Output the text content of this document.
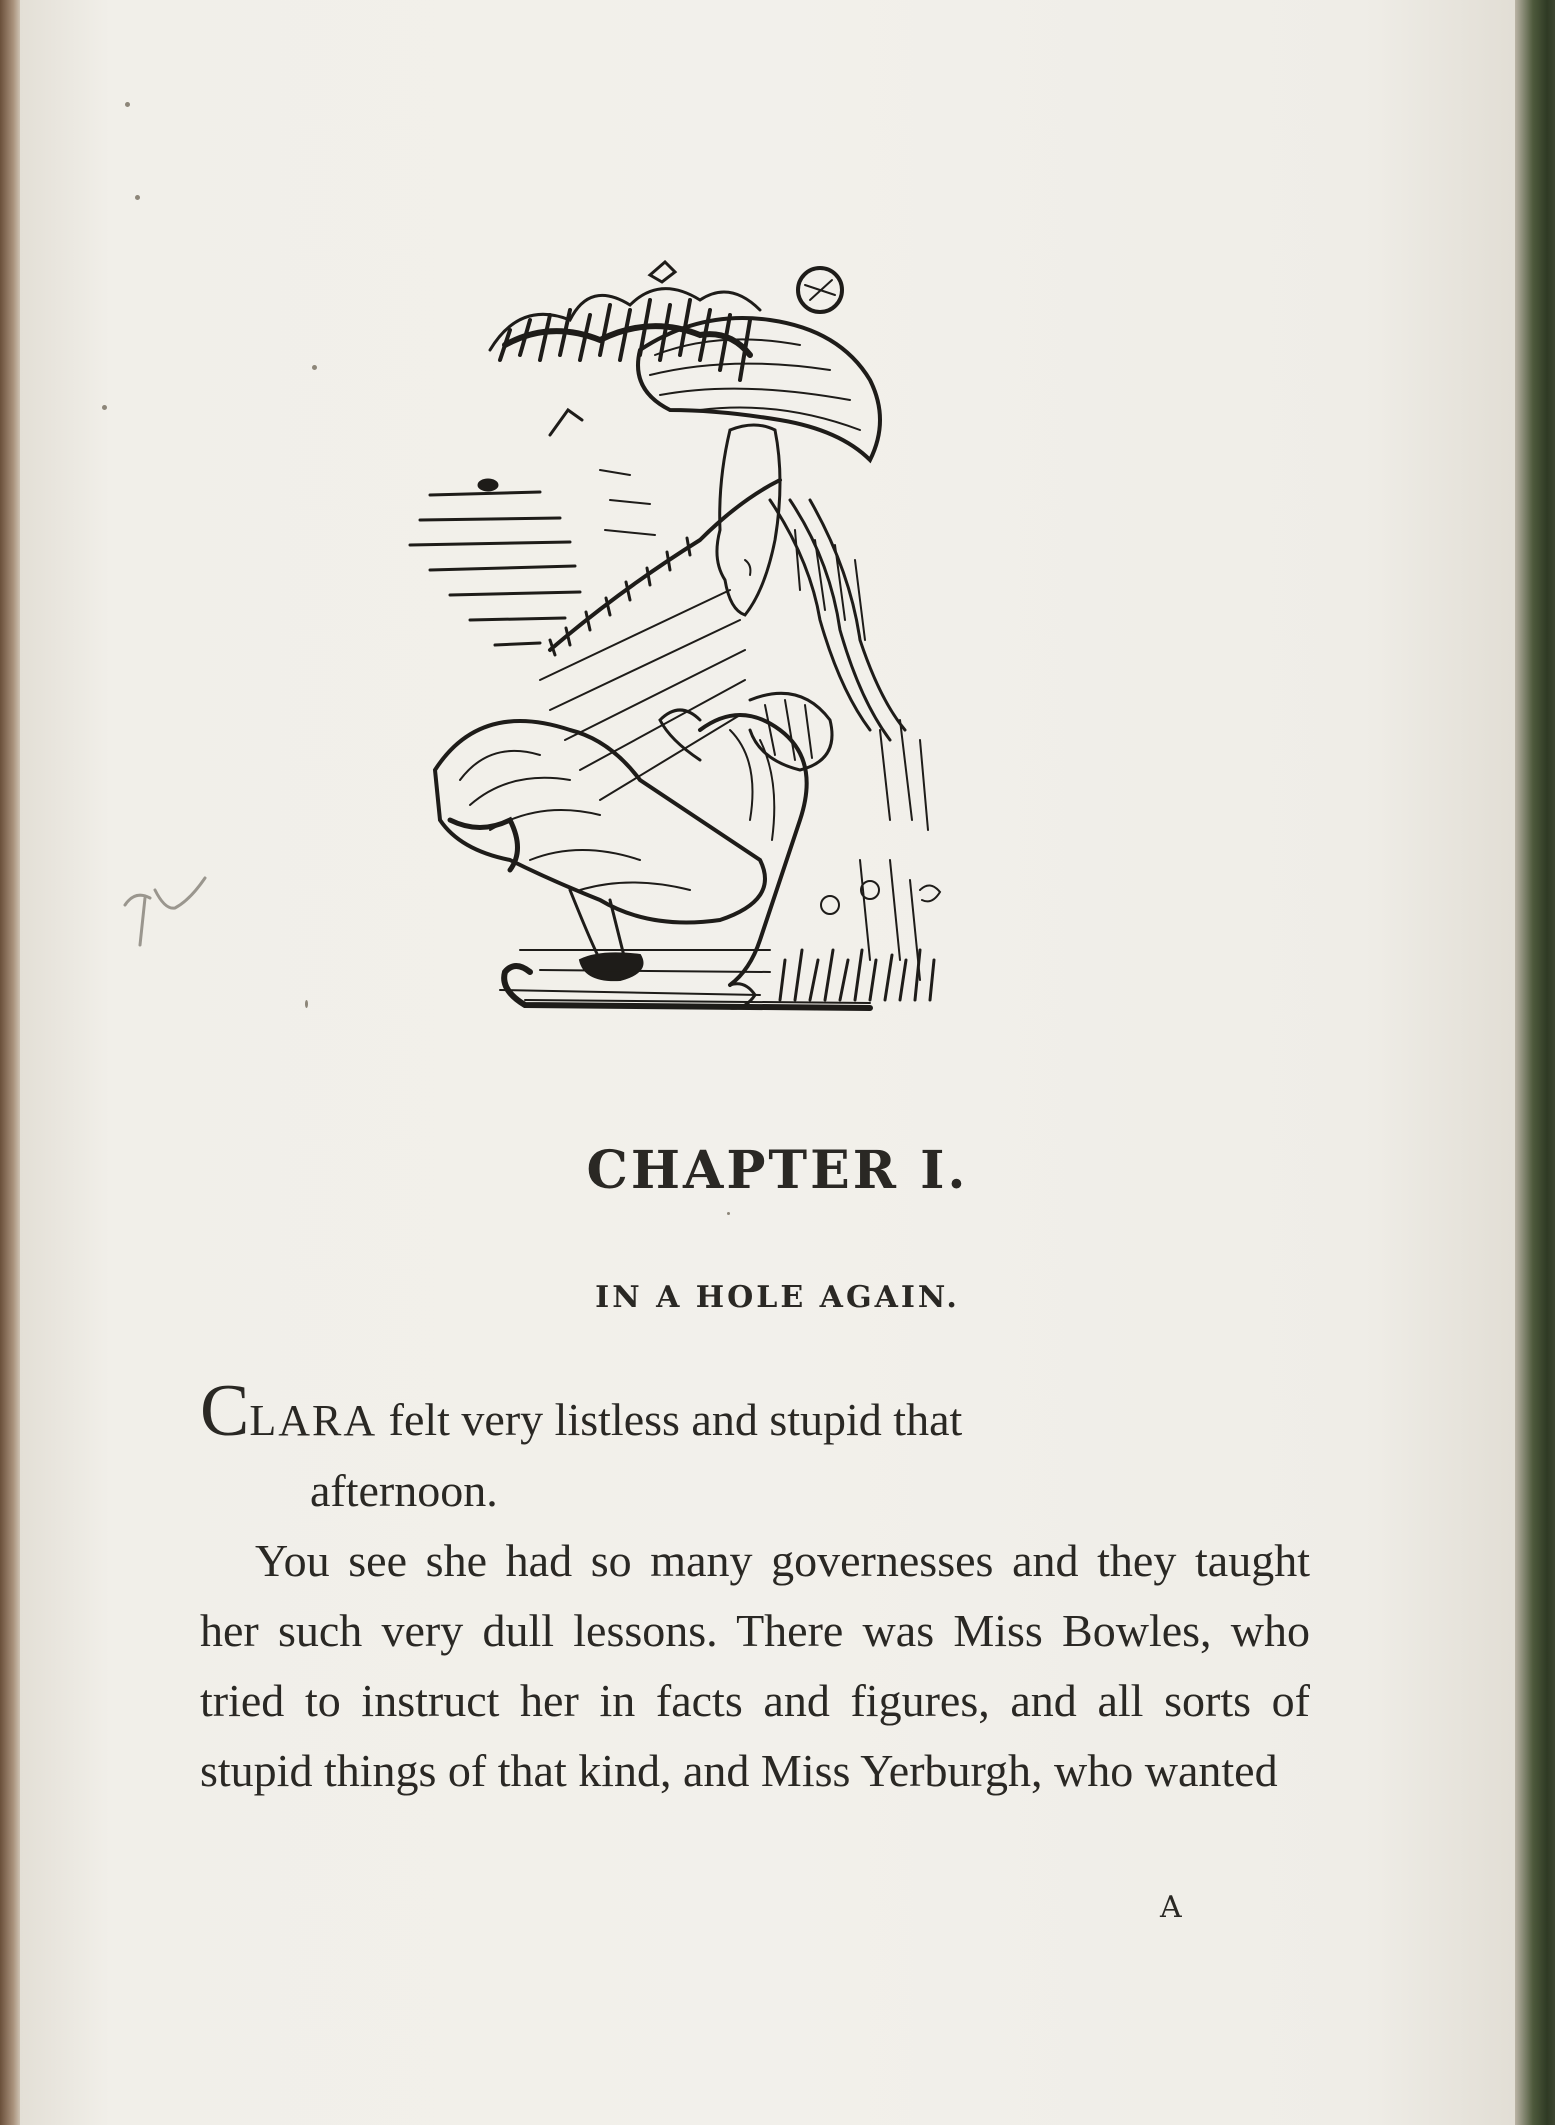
CHAPTER I.
IN A HOLE AGAIN.

CLARA felt very listless and stupid that
afternoon.

You see she had so many governesses and they taught her such very dull lessons. There was Miss Bowles, who tried to instruct her in facts and figures, and all sorts of stupid things of that kind, and Miss Yerburgh, who wanted

A
